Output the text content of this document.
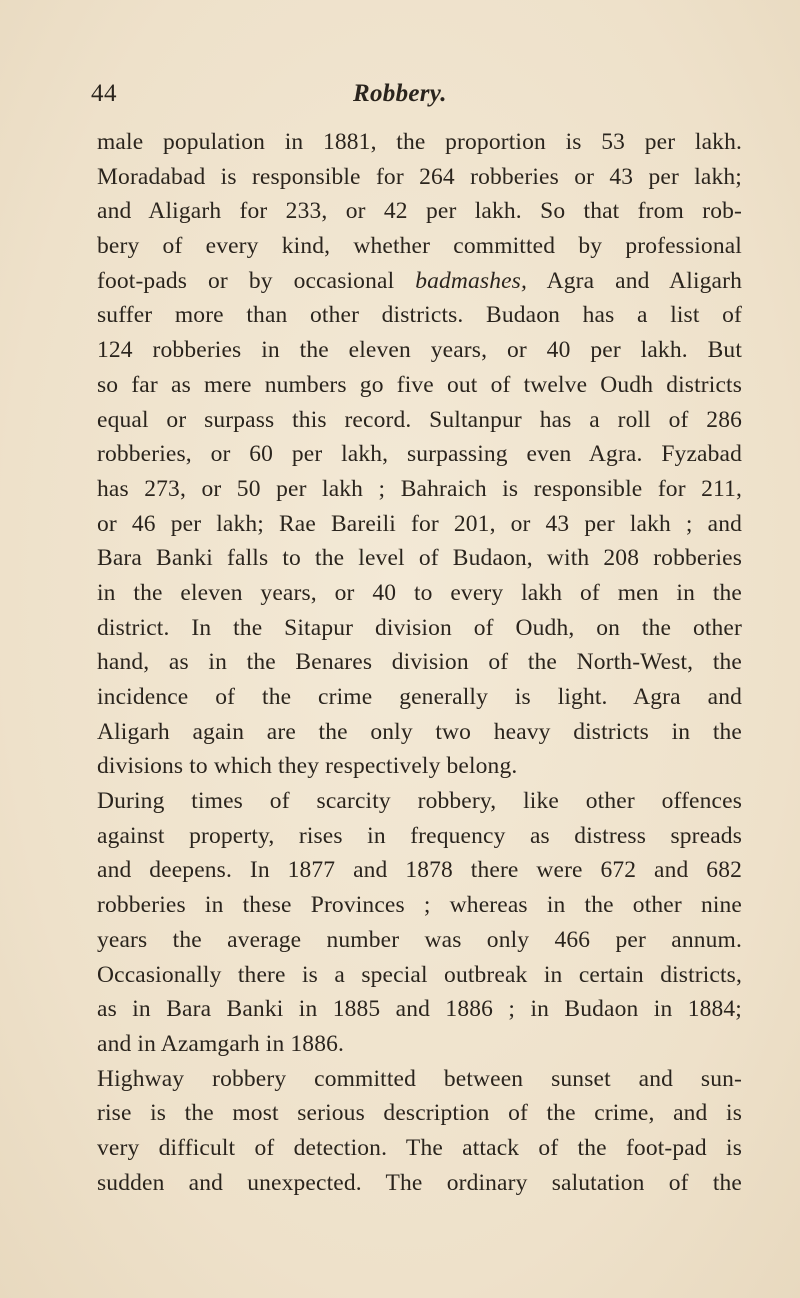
44	Robbery.
male population in 1881, the proportion is 53 per lakh.
Moradabad is responsible for 264 robberies or 43 per lakh;
and Aligarh for 233, or 42 per lakh. So that from rob-
bery of every kind, whether committed by professional
foot-pads or by occasional badmashes, Agra and Aligarh
suffer more than other districts. Budaon has a list of
124 robberies in the eleven years, or 40 per lakh. But
so far as mere numbers go five out of twelve Oudh districts
equal or surpass this record. Sultanpur has a roll of 286
robberies, or 60 per lakh, surpassing even Agra. Fyzabad
has 273, or 50 per lakh ; Bahraich is responsible for 211,
or 46 per lakh; Rae Bareili for 201, or 43 per lakh ; and
Bara Banki falls to the level of Budaon, with 208 robberies
in the eleven years, or 40 to every lakh of men in the
district. In the Sitapur division of Oudh, on the other
hand, as in the Benares division of the North-West, the
incidence of the crime generally is light. Agra and
Aligarh again are the only two heavy districts in the
divisions to which they respectively belong.
During times of scarcity robbery, like other offences
against property, rises in frequency as distress spreads
and deepens. In 1877 and 1878 there were 672 and 682
robberies in these Provinces ; whereas in the other nine
years the average number was only 466 per annum.
Occasionally there is a special outbreak in certain districts,
as in Bara Banki in 1885 and 1886 ; in Budaon in 1884;
and in Azamgarh in 1886.
Highway robbery committed between sunset and sun-
rise is the most serious description of the crime, and is
very difficult of detection. The attack of the foot-pad is
sudden and unexpected. The ordinary salutation of the
